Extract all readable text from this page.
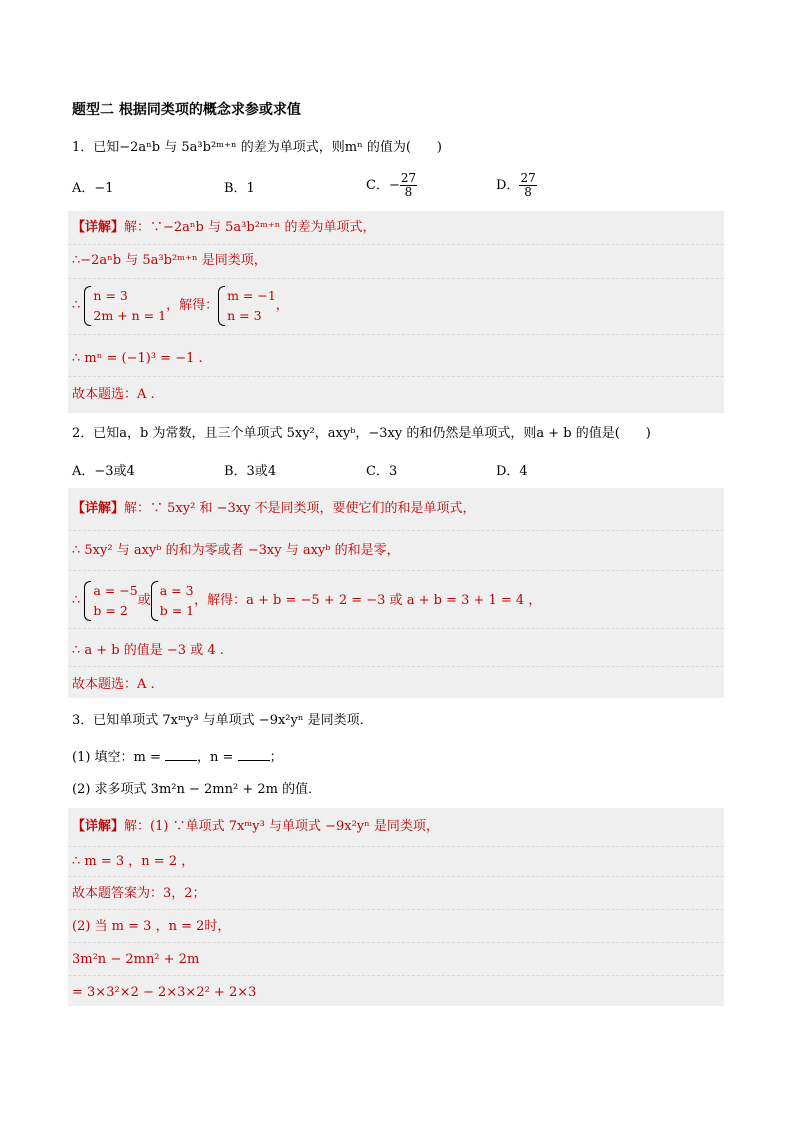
题型二 根据同类项的概念求参或求值
1．已知−2aⁿb 与 5a³b²ᵐ⁺ⁿ 的差为单项式，则mⁿ 的值为(　　)
A．−1	B．1	C．− $\frac{27}{8}$	D． $\frac{27}{8}$
【详解】解：∵−2aⁿb 与 5a³b²ᵐ⁺ⁿ 的差为单项式，
∴−2aⁿb 与 5a³b²ᵐ⁺ⁿ 是同类项，
∴
n = 3
2m + n = 1
，解得：
m = −1
n = 3
，
∴ mⁿ = (−1)³ = −1 .
故本题选：A .
2．已知a，b 为常数，且三个单项式 5xy²，axyᵇ，−3xy 的和仍然是单项式，则a + b 的值是(　　)
A．−3或4	B．3或4	C．3	D．4
【详解】解：∵ 5xy² 和 −3xy 不是同类项，要使它们的和是单项式，
∴ 5xy² 与 axyᵇ 的和为零或者 −3xy 与 axyᵇ 的和是零，
∴
a = −5
b = 2
或
a = 3
b = 1
，解得：a + b = −5 + 2 = −3 或 a + b = 3 + 1 = 4 ，
∴ a + b 的值是 −3 或 4 .
故本题选：A .
3．已知单项式 7xᵐy³ 与单项式 −9x²yⁿ 是同类项．
(1) 填空：m =	，n =	；
(2) 求多项式 3m²n − 2mn² + 2m 的值．
【详解】解：(1) ∵单项式 7xᵐy³ 与单项式 −9x²yⁿ 是同类项，
∴ m = 3 ，n = 2 ，
故本题答案为：3，2；
(2) 当 m = 3 ，n = 2时，
3m²n − 2mn² + 2m
= 3×3²×2 − 2×3×2² + 2×3
